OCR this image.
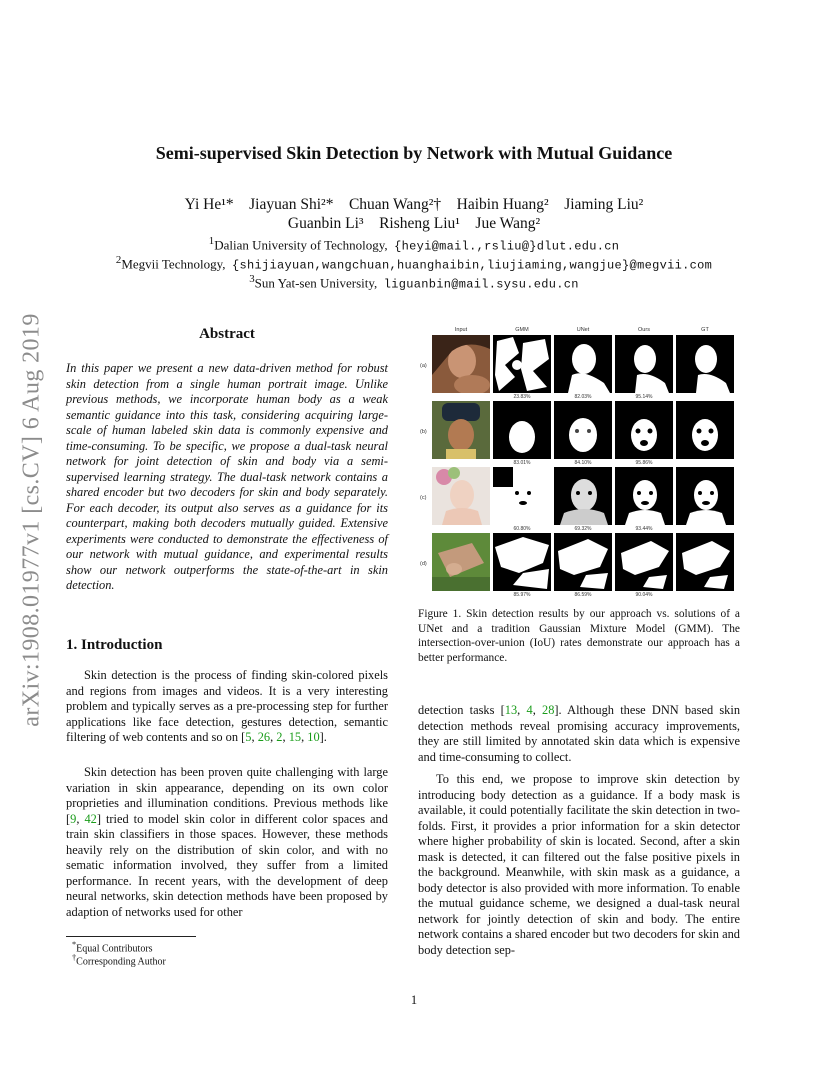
arXiv:1908.01977v1 [cs.CV] 6 Aug 2019
Semi-supervised Skin Detection by Network with Mutual Guidance
Yi He¹*    Jiayuan Shi²*    Chuan Wang²†    Haibin Huang²    Jiaming Liu²
Guanbin Li³    Risheng Liu¹    Jue Wang²
$^1$Dalian University of Technology, {heyi@mail.,rsliu@}dlut.edu.cn
$^2$Megvii Technology, {shijiayuan,wangchuan,huanghaibin,liujiaming,wangjue}@megvii.com
$^3$Sun Yat-sen University, liguanbin@mail.sysu.edu.cn
Abstract
In this paper we present a new data-driven method for robust skin detection from a single human portrait image. Unlike previous methods, we incorporate human body as a weak semantic guidance into this task, considering acquiring large-scale of human labeled skin data is commonly expensive and time-consuming. To be specific, we propose a dual-task neural network for joint detection of skin and body via a semi-supervised learning strategy. The dual-task network contains a shared encoder but two decoders for skin and body separately. For each decoder, its output also serves as a guidance for its counterpart, making both decoders mutually guided. Extensive experiments were conducted to demonstrate the effectiveness of our network with mutual guidance, and experimental results show our network outperforms the state-of-the-art in skin detection.
1. Introduction
Skin detection is the process of finding skin-colored pixels and regions from images and videos. It is a very interesting problem and typically serves as a pre-processing step for further applications like face detection, gestures detection, semantic filtering of web contents and so on [5, 26, 2, 15, 10].
Skin detection has been proven quite challenging with large variation in skin appearance, depending on its own color proprieties and illumination conditions. Previous methods like [9, 42] tried to model skin color in different color spaces and train skin classifiers in those spaces. However, these methods heavily rely on the distribution of skin color, and with no sematic information involved, they suffer from a limited performance. In recent years, with the development of deep neural networks, skin detection methods have been proposed by adaption of networks used for other
detection tasks [13, 4, 28]. Although these DNN based skin detection methods reveal promising accuracy improvements, they are still limited by annotated skin data which is expensive and time-consuming to collect.
To this end, we propose to improve skin detection by introducing body detection as a guidance. If a body mask is available, it could potentially facilitate the skin detection in two-folds. First, it provides a prior information for a skin detector where higher probability of skin is located. Second, after a skin mask is detected, it can filtered out the false positive pixels in the background. Meanwhile, with skin mask as a guidance, a body detector is also provided with more information. To enable the mutual guidance scheme, we designed a dual-task neural network for jointly detection of skin and body. The entire network contains a shared encoder but two decoders for skin and body detection sep-
Input	GMM	UNet	Ours	GT
(a)
23.83%	82.03%	95.14%
(b)
83.01%	84.10%	95.86%
(c)
60.80%	69.32%	93.44%
(d)
85.97%	86.59%	90.04%
Figure 1. Skin detection results by our approach vs. solutions of a UNet and a tradition Gaussian Mixture Model (GMM). The intersection-over-union (IoU) rates demonstrate our approach has a better performance.
*Equal Contributors
†Corresponding Author
1
